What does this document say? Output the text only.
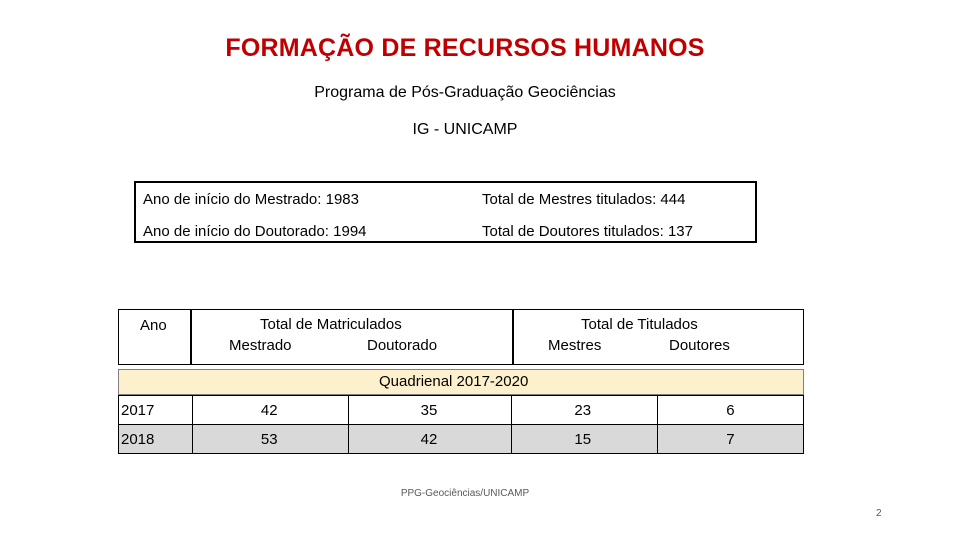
FORMAÇÃO DE RECURSOS HUMANOS
Programa de Pós-Graduação Geociências
IG - UNICAMP
Ano de início do Mestrado: 1983
Ano de início do Doutorado: 1994
Total de Mestres titulados: 444
Total de Doutores titulados: 137
Ano	Total de Matriculados
Mestrado	Doutorado
Total de Titulados
Mestres	Doutores
Quadrienal 2017-2020
2017	42	35	23	6
2018	53	42	15	7
PPG-Geociências/UNICAMP
2
